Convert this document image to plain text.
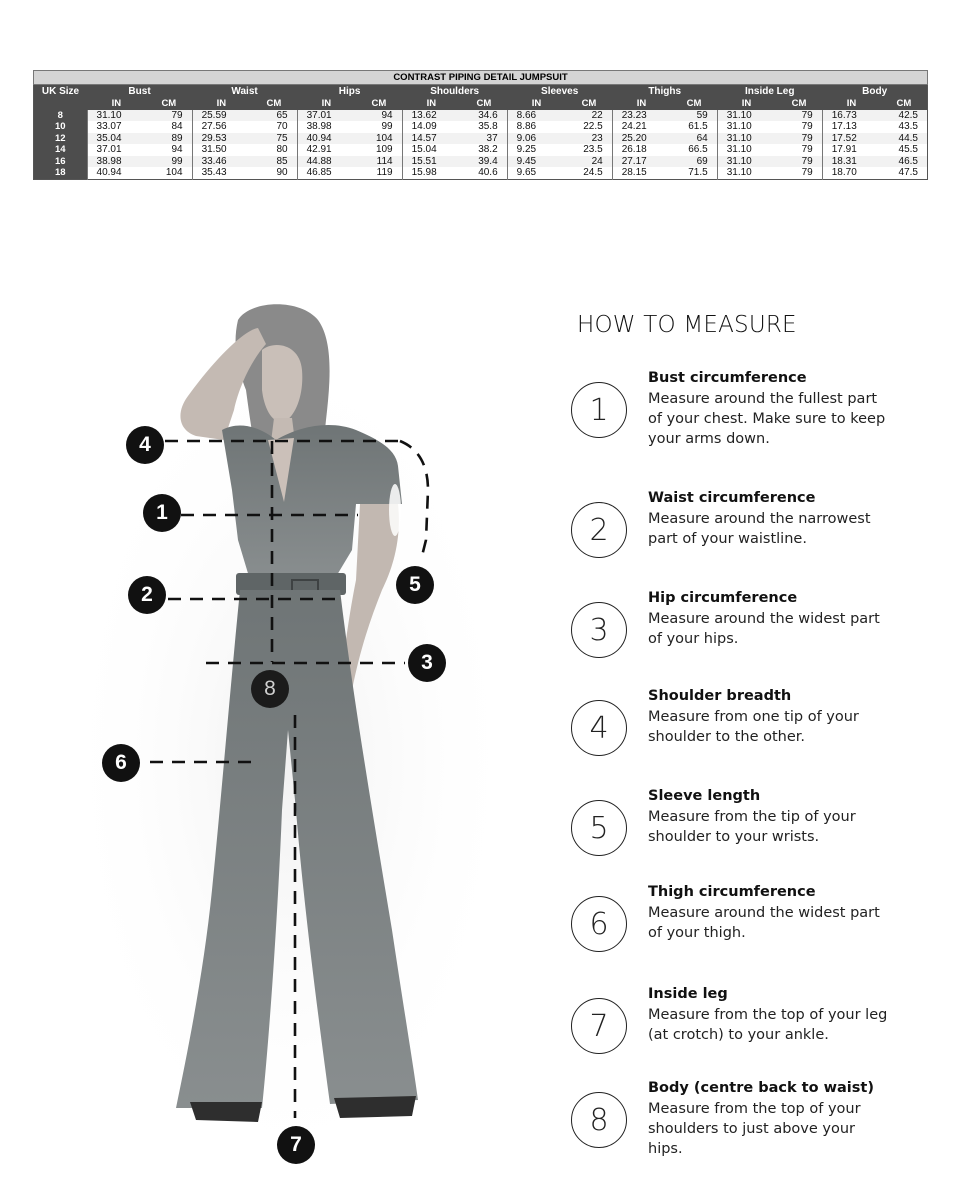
CONTRAST PIPING DETAIL JUMPSUIT																
UK Size	Bust		Waist		Hips		Shoulders		Sleeves		Thighs		Inside Leg		Body	
	IN	CM	IN	CM	IN	CM	IN	CM	IN	CM	IN	CM	IN	CM	IN	CM
8	31.10	79	25.59	65	37.01	94	13.62	34.6	8.66	22	23.23	59	31.10	79	16.73	42.5
10	33.07	84	27.56	70	38.98	99	14.09	35.8	8.86	22.5	24.21	61.5	31.10	79	17.13	43.5
12	35.04	89	29.53	75	40.94	104	14.57	37	9.06	23	25.20	64	31.10	79	17.52	44.5
14	37.01	94	31.50	80	42.91	109	15.04	38.2	9.25	23.5	26.18	66.5	31.10	79	17.91	45.5
16	38.98	99	33.46	85	44.88	114	15.51	39.4	9.45	24	27.17	69	31.10	79	18.31	46.5
18	40.94	104	35.43	90	46.85	119	15.98	40.6	9.65	24.5	28.15	71.5	31.10	79	18.70	47.5
4
1
2	5
3
8
6
7
HOW TO MEASURE
1
Bust circumference
Measure around the fullest part of your chest. Make sure to keep your arms down.
2
Waist circumference
Measure around the narrowest part of your waistline.
3
Hip circumference
Measure around the widest part of your hips.
4
Shoulder breadth
Measure from one tip of your shoulder to the other.
5
Sleeve length
Measure from the tip of your shoulder to your wrists.
6
Thigh circumference
Measure around the widest part of your thigh.
7
Inside leg
Measure from the top of your leg (at crotch) to your ankle.
8
Body (centre back to waist)
Measure from the top of your shoulders to just above your hips.
